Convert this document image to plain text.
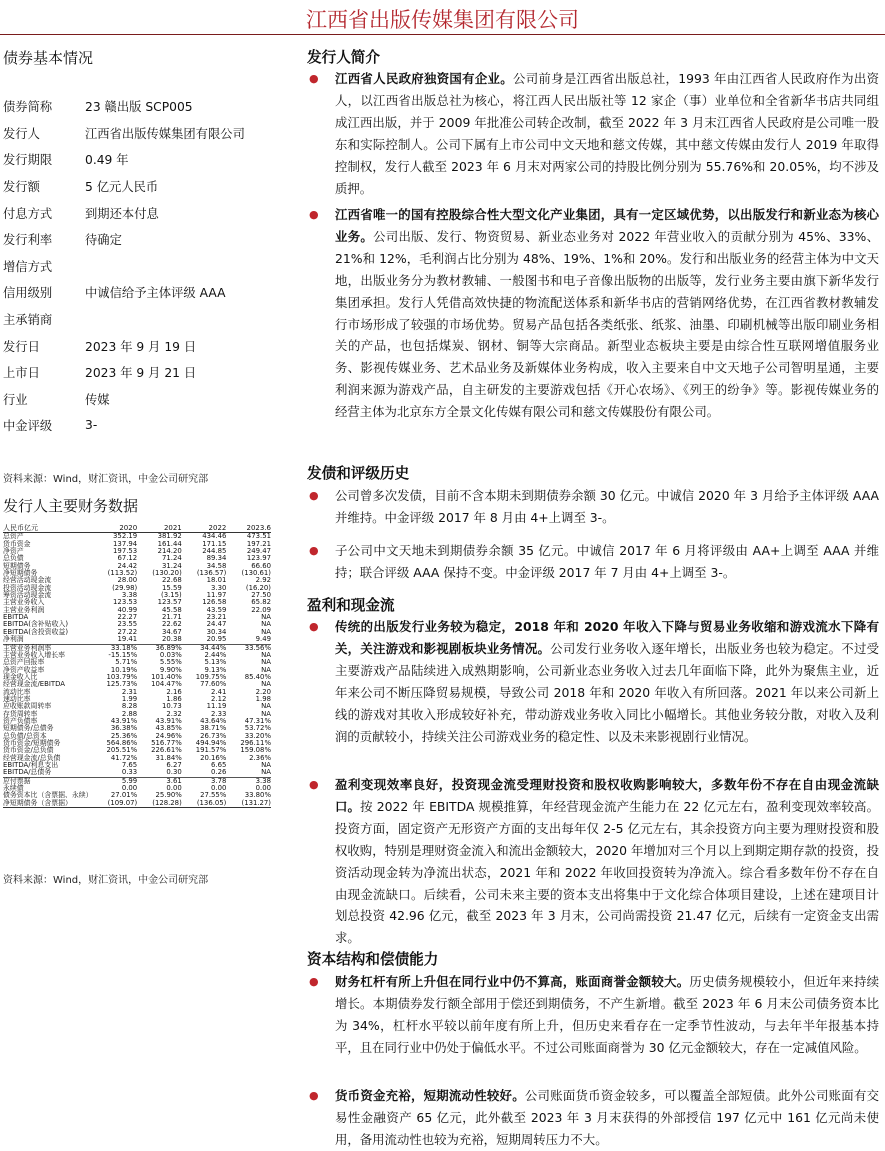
江西省出版传媒集团有限公司
债券基本情况
债券简称	23 赣出版 SCP005
发行人	江西省出版传媒集团有限公司
发行期限	0.49 年
发行额	5 亿元人民币
付息方式	到期还本付息
发行利率	待确定
增信方式	
信用级别	中诚信给予主体评级 AAA
主承销商	
发行日	2023 年 9 月 19 日
上市日	2023 年 9 月 21 日
行业	传媒
中金评级	3-
资料来源：Wind，财汇资讯，中金公司研究部
发行人主要财务数据
人民币亿元	2020	2021	2022	2023.6
总资产	352.19	381.92	434.46	473.51
货币资金	137.94	161.44	171.15	197.21
净资产	197.53	214.20	244.85	249.47
总负债	67.12	71.24	89.34	123.97
短期债务	24.42	31.24	34.58	66.60
净短期债务	(113.52)	(130.20)	(136.57)	(130.61)
经营活动现金流	28.00	22.68	18.01	2.92
投资活动现金流	(29.98)	15.59	3.30	(16.20)
筹资活动现金流	3.38	(3.15)	11.97	27.50
主营业务收入	123.53	123.57	126.58	65.82
主营业务利润	40.99	45.58	43.59	22.09
EBITDA	22.27	21.71	23.21	NA
EBITDA(含补贴收入)	23.55	22.62	24.47	NA
EBITDA(含投资收益)	27.22	34.67	30.34	NA
净利润	19.41	20.38	20.95	9.49
主营业务利润率	33.18%	36.89%	34.44%	33.56%
主营业务收入增长率	-15.15%	0.03%	2.44%	NA
总资产回报率	5.71%	5.55%	5.13%	NA
净资产收益率	10.19%	9.90%	9.13%	NA
现金收入比	103.79%	101.40%	109.75%	85.40%
经营现金流/EBITDA	125.73%	104.47%	77.60%	NA
流动比率	2.31	2.16	2.41	2.20
速动比率	1.99	1.86	2.12	1.98
应收账款周转率	8.28	10.73	11.19	NA
存货周转率	2.88	2.32	2.33	NA
资产负债率	43.91%	43.91%	43.64%	47.31%
短期债务/总债务	36.38%	43.85%	38.71%	53.72%
总负债/总资本	25.36%	24.96%	26.73%	33.20%
货币资金/短期债务	564.86%	516.77%	494.94%	296.11%
货币资金/总负债	205.51%	226.61%	191.57%	159.08%
经营现金流/总负债	41.72%	31.84%	20.16%	2.36%
EBITDA/利息支出	7.65	6.27	6.65	NA
EBITDA/总债务	0.33	0.30	0.26	NA
应付票据	5.99	3.61	3.78	3.38
永续债	0.00	0.00	0.00	0.00
债务资本比（含票据、永续）	27.01%	25.90%	27.55%	33.80%
净短期债务（含票据）	(109.07)	(128.28)	(136.05)	(131.27)
资料来源：Wind，财汇资讯，中金公司研究部
发行人简介
● 江西省人民政府独资国有企业。公司前身是江西省出版总社，1993 年由江西省人民政府作为出资人，以江西省出版总社为核心，将江西人民出版社等 12 家企（事）业单位和全省新华书店共同组成江西出版，并于 2009 年批准公司转企改制，截至 2022 年 3 月末江西省人民政府是公司唯一股东和实际控制人。公司下属有上市公司中文天地和慈文传媒，其中慈文传媒由发行人 2019 年取得控制权，发行人截至 2023 年 6 月末对两家公司的持股比例分别为 55.76%和 20.05%，均不涉及质押。
● 江西省唯一的国有控股综合性大型文化产业集团，具有一定区域优势，以出版发行和新业态为核心业务。公司出版、发行、物资贸易、新业态业务对 2022 年营业收入的贡献分别为 45%、33%、21%和 12%，毛利润占比分别为 48%、19%、1%和 20%。发行和出版业务的经营主体为中文天地，出版业务分为教材教辅、一般图书和电子音像出版物的出版等，发行业务主要由旗下新华发行集团承担。发行人凭借高效快捷的物流配送体系和新华书店的营销网络优势，在江西省教材教辅发行市场形成了较强的市场优势。贸易产品包括各类纸张、纸浆、油墨、印刷机械等出版印刷业务相关的产品，也包括煤炭、钢材、铜等大宗商品。新型业态板块主要是由综合性互联网增值服务业务、影视传媒业务、艺术品业务及新媒体业务构成，收入主要来自中文天地子公司智明星通，主要利润来源为游戏产品，自主研发的主要游戏包括《开心农场》、《列王的纷争》等。影视传媒业务的经营主体为北京东方全景文化传媒有限公司和慈文传媒股份有限公司。
发债和评级历史
● 公司曾多次发债，目前不含本期未到期债券余额 30 亿元。中诚信 2020 年 3 月给予主体评级 AAA 并维持。中金评级 2017 年 8 月由 4+上调至 3-。
● 子公司中文天地未到期债券余额 35 亿元。中诚信 2017 年 6 月将评级由 AA+上调至 AAA 并维持；联合评级 AAA 保持不变。中金评级 2017 年 7 月由 4+上调至 3-。
盈利和现金流
● 传统的出版发行业务较为稳定，2018 年和 2020 年收入下降与贸易业务收缩和游戏流水下降有关，关注游戏和影视剧板块业务情况。公司发行业务收入逐年增长，出版业务也较为稳定。不过受主要游戏产品陆续进入成熟期影响，公司新业态业务收入过去几年面临下降，此外为聚焦主业，近年来公司不断压降贸易规模，导致公司 2018 年和 2020 年收入有所回落。2021 年以来公司新上线的游戏对其收入形成较好补充，带动游戏业务收入同比小幅增长。其他业务较分散，对收入及利润的贡献较小，持续关注公司游戏业务的稳定性、以及未来影视剧行业情况。
● 盈利变现效率良好，投资现金流受理财投资和股权收购影响较大，多数年份不存在自由现金流缺口。按 2022 年 EBITDA 规模推算，年经营现金流产生能力在 22 亿元左右，盈利变现效率较高。投资方面，固定资产无形资产方面的支出每年仅 2-5 亿元左右，其余投资方向主要为理财投资和股权收购，特别是理财资金流入和流出金额较大，2020 年增加对三个月以上到期定期存款的投资，投资活动现金转为净流出状态，2021 年和 2022 年收回投资转为净流入。综合看多数年份不存在自由现金流缺口。后续看，公司未来主要的资本支出将集中于文化综合体项目建设，上述在建项目计划总投资 42.96 亿元，截至 2023 年 3 月末，公司尚需投资 21.47 亿元，后续有一定资金支出需求。
资本结构和偿债能力
● 财务杠杆有所上升但在同行业中仍不算高，账面商誉金额较大。历史债务规模较小，但近年来持续增长。本期债券发行额全部用于偿还到期债务，不产生新增。截至 2023 年 6 月末公司债务资本比为 34%，杠杆水平较以前年度有所上升，但历史来看存在一定季节性波动，与去年半年报基本持平，且在同行业中仍处于偏低水平。不过公司账面商誉为 30 亿元金额较大，存在一定减值风险。
● 货币资金充裕，短期流动性较好。公司账面货币资金较多，可以覆盖全部短债。此外公司账面有交易性金融资产 65 亿元，此外截至 2023 年 3 月末获得的外部授信 197 亿元中 161 亿元尚未使用，备用流动性也较为充裕，短期周转压力不大。
